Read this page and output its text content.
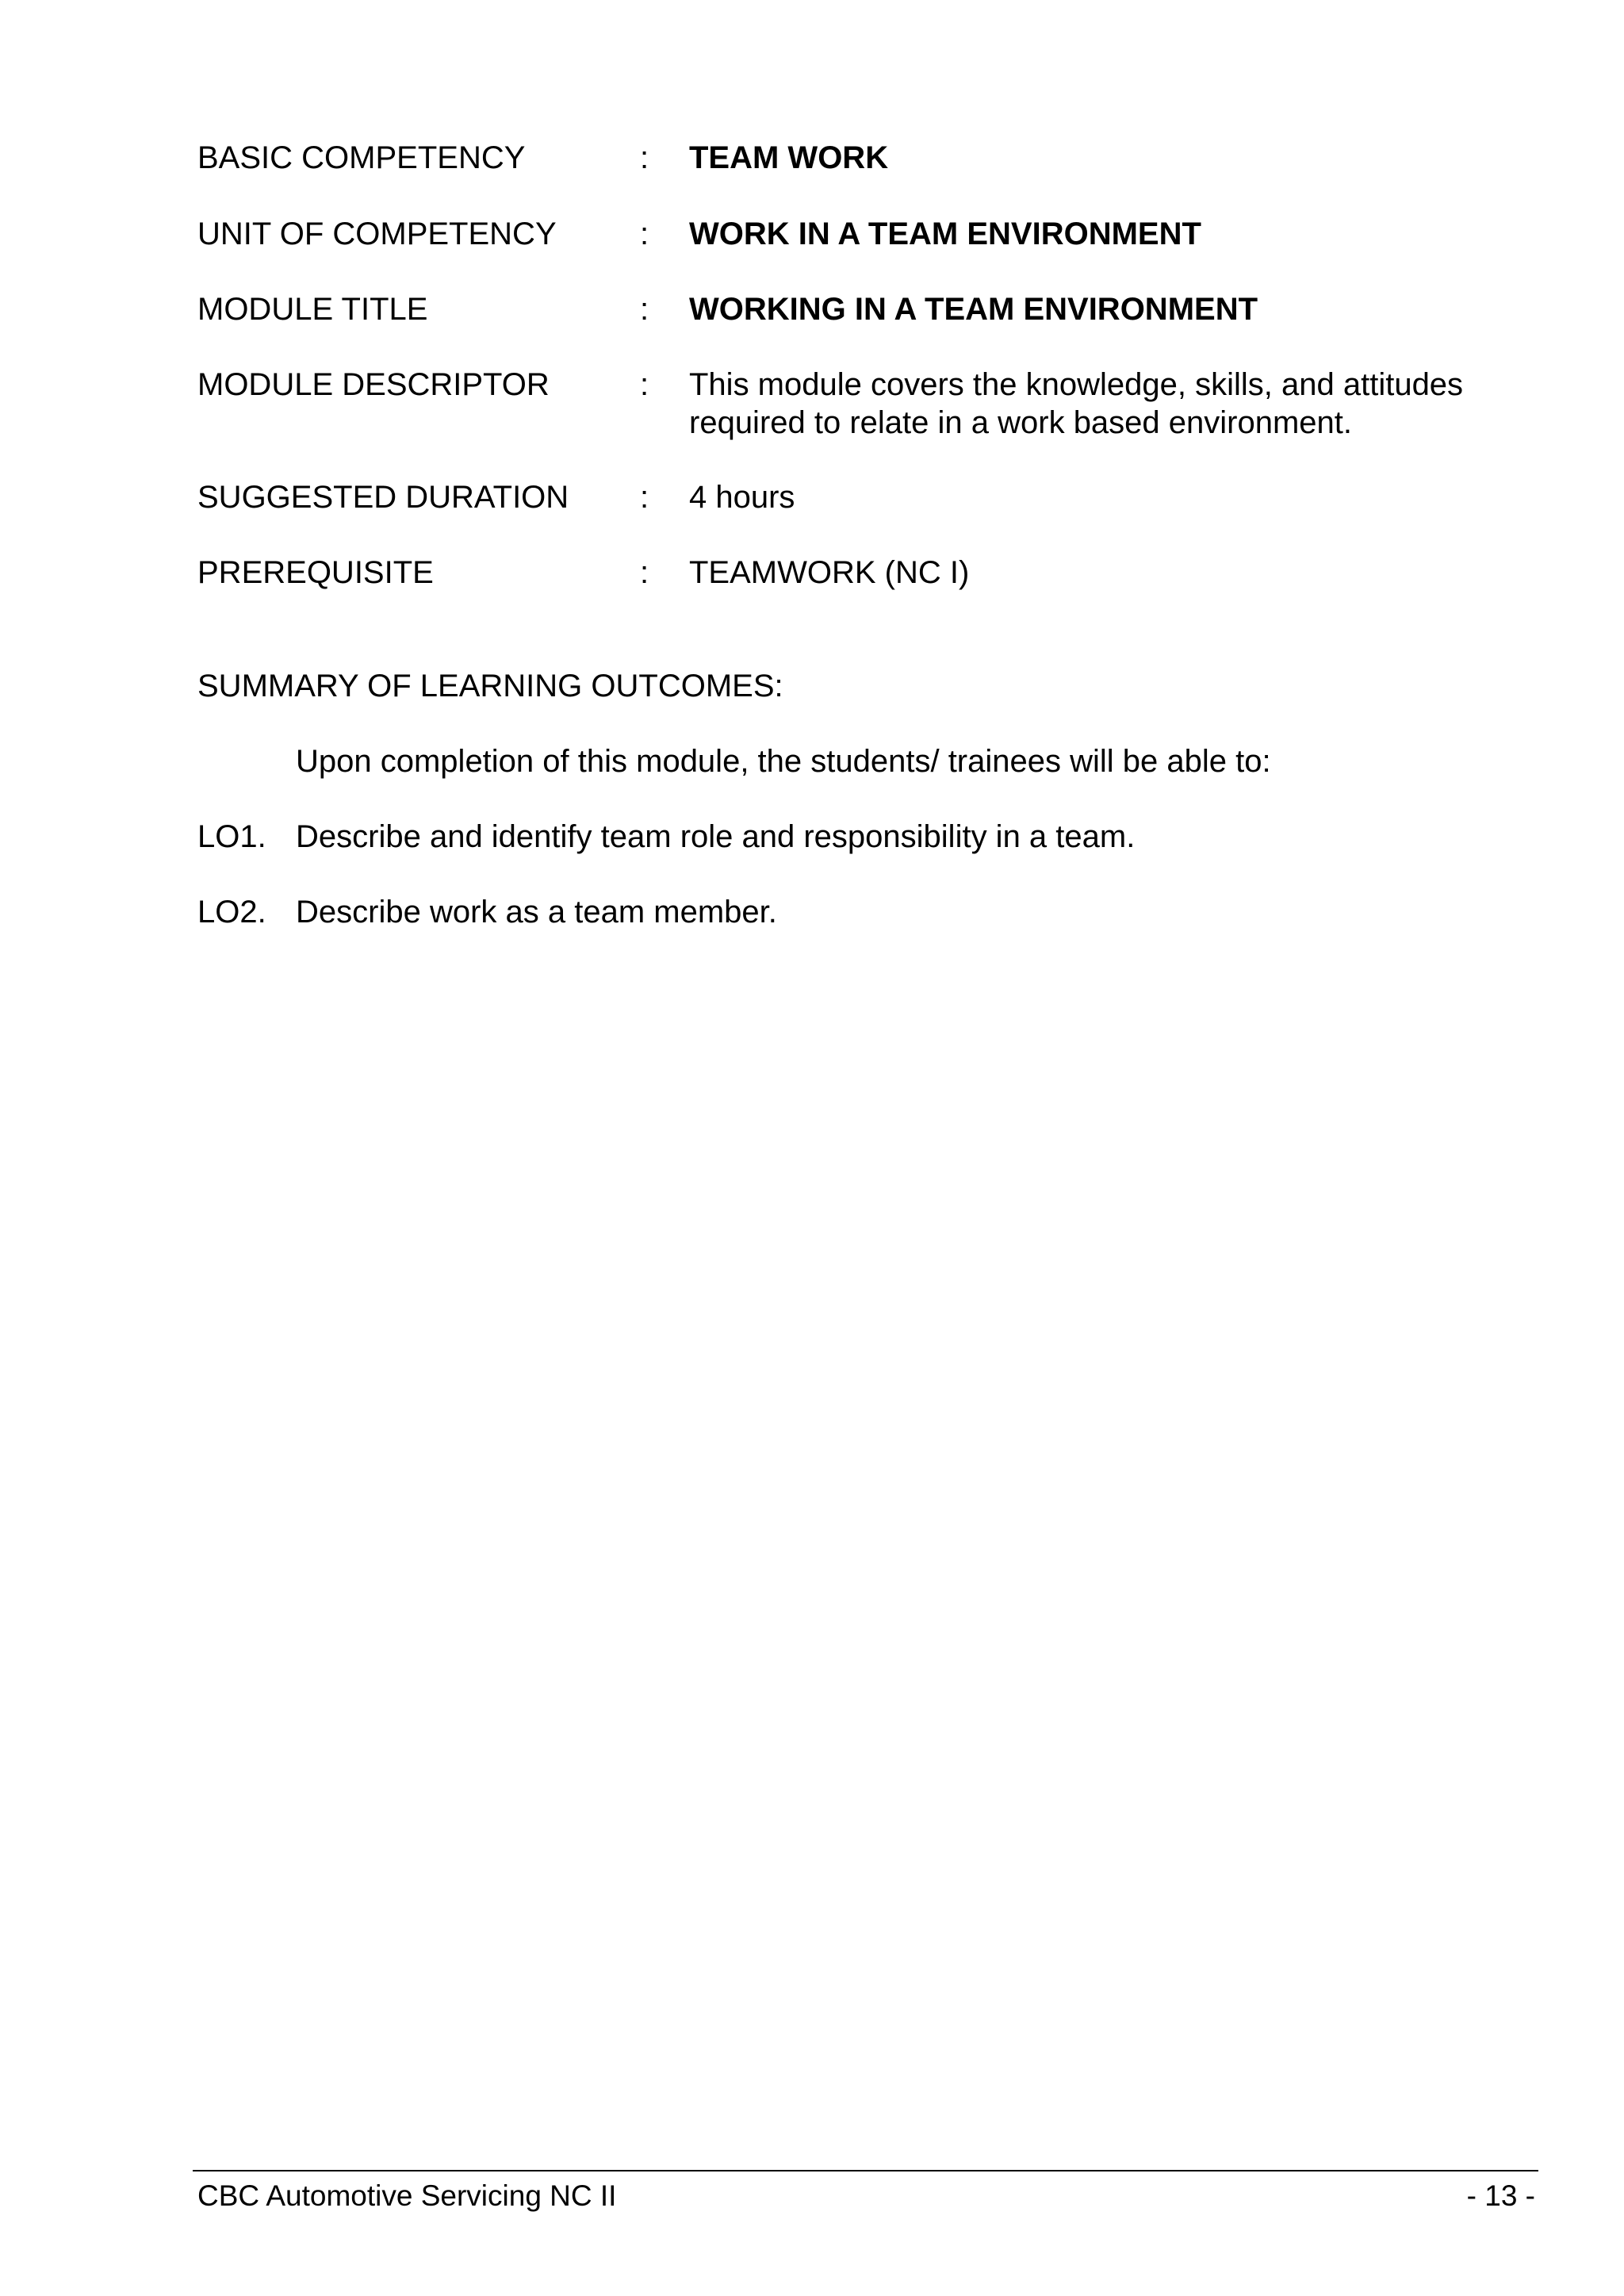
BASIC COMPETENCY	: TEAM WORK
UNIT OF COMPETENCY	: WORK IN A TEAM ENVIRONMENT
MODULE TITLE	: WORKING IN A TEAM ENVIRONMENT
MODULE DESCRIPTOR	: This module covers the knowledge, skills, and attitudes
required to relate in a work based environment.
SUGGESTED DURATION : 4 hours
PREREQUISITE	: TEAMWORK (NC I)
SUMMARY OF LEARNING OUTCOMES:
Upon completion of this module, the students/ trainees will be able to:
LO1. Describe and identify team role and responsibility in a team.
LO2. Describe work as a team member.
CBC Automotive Servicing NC II	- 13 -
